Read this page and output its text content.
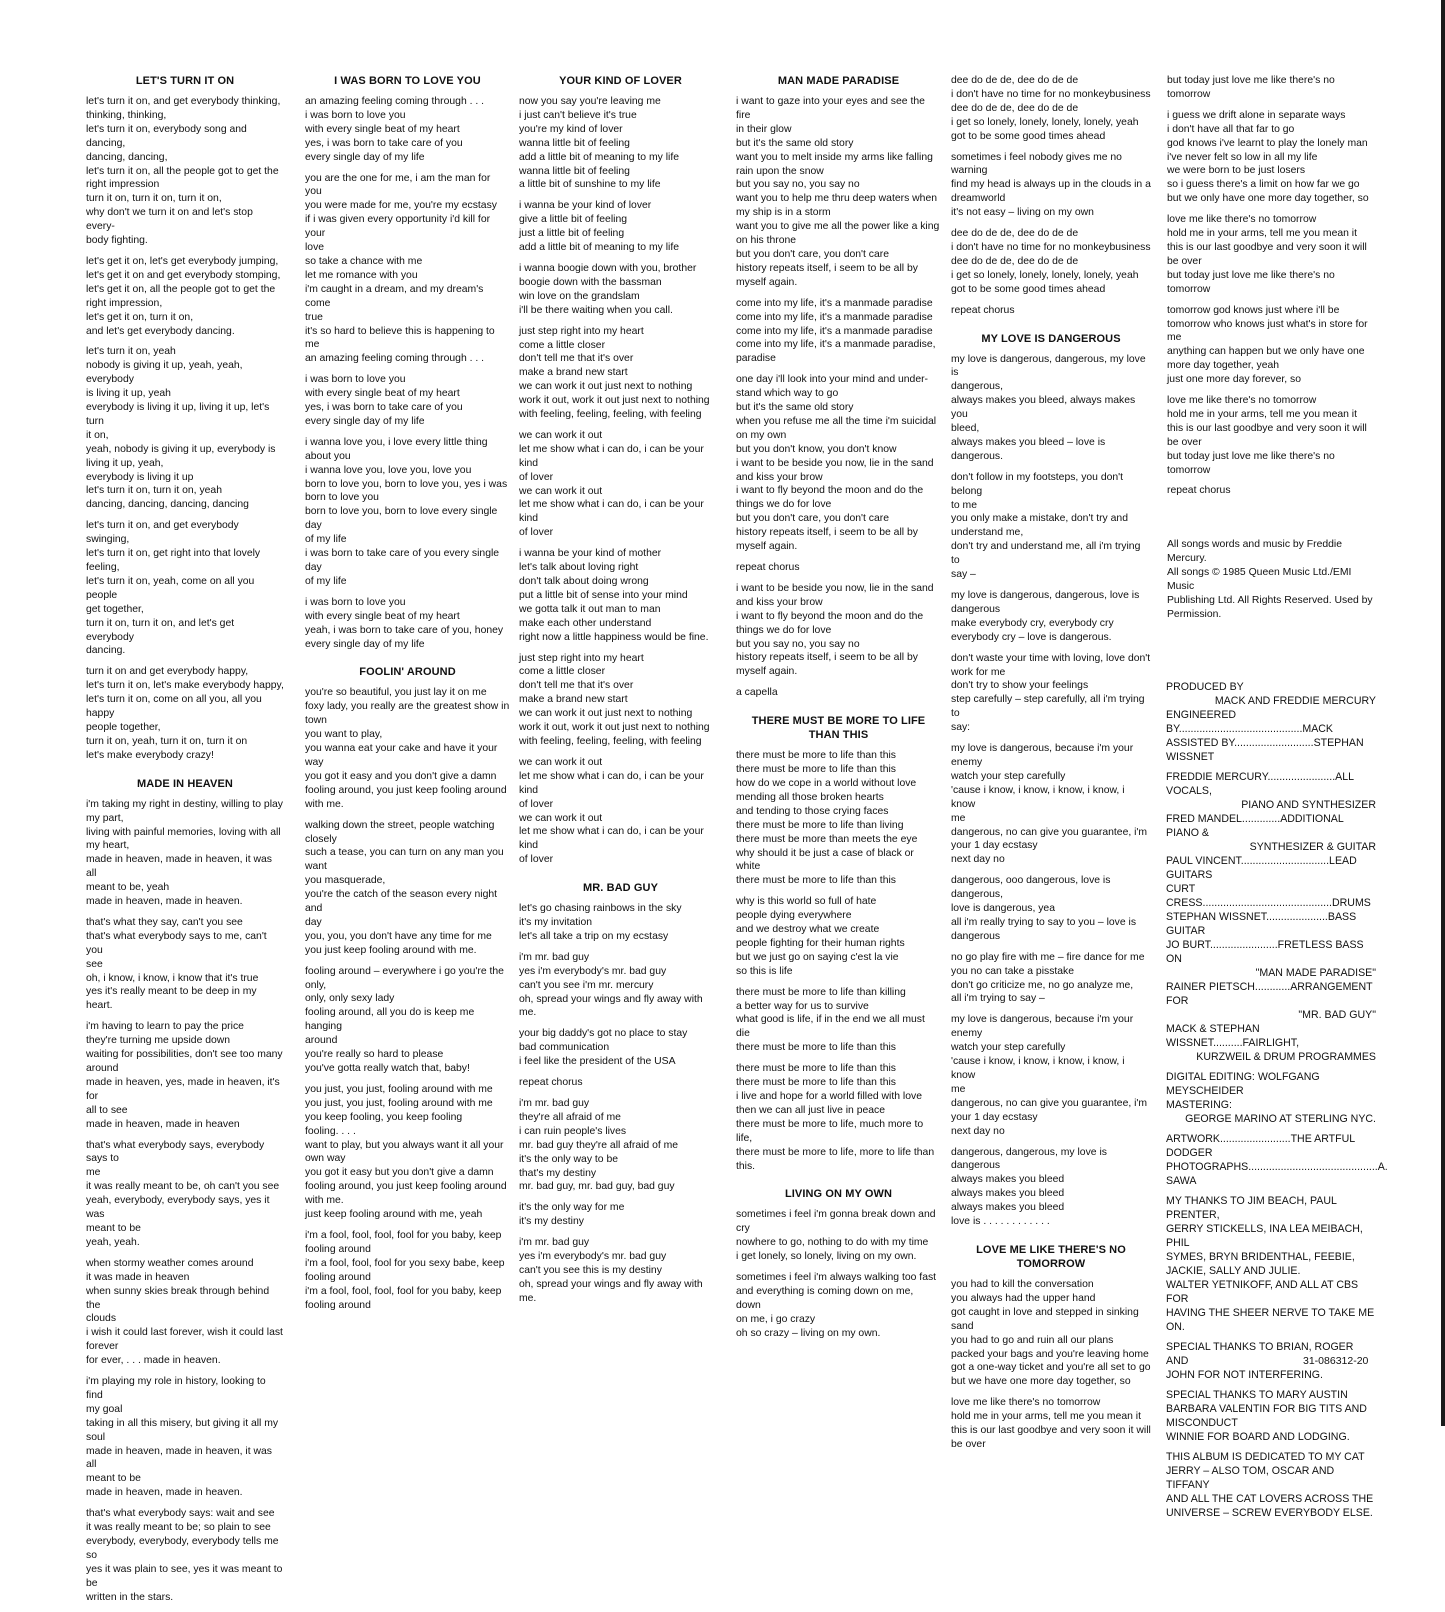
LET'S TURN IT ON
let's turn it on, and get everybody thinking,
thinking, thinking,
let's turn it on, everybody song and dancing,
dancing, dancing,
let's turn it on, all the people got to get the
right impression
turn it on, turn it on, turn it on,
why don't we turn it on and let's stop every-
body fighting.
let's get it on, let's get everybody jumping,
let's get it on and get everybody stomping,
let's get it on, all the people got to get the
right impression,
let's get it on, turn it on,
and let's get everybody dancing.
let's turn it on, yeah
nobody is giving it up, yeah, yeah, everybody
is living it up, yeah
everybody is living it up, living it up, let's turn
it on,
yeah, nobody is giving it up, everybody is
living it up, yeah,
everybody is living it up
let's turn it on, turn it on, yeah
dancing, dancing, dancing, dancing
let's turn it on, and get everybody swinging,
let's turn it on, get right into that lovely
feeling,
let's turn it on, yeah, come on all you people
get together,
turn it on, turn it on, and let's get everybody
dancing.
turn it on and get everybody happy,
let's turn it on, let's make everybody happy,
let's turn it on, come on all you, all you happy
people together,
turn it on, yeah, turn it on, turn it on
let's make everybody crazy!
MADE IN HEAVEN
i'm taking my right in destiny, willing to play
my part,
living with painful memories, loving with all
my heart,
made in heaven, made in heaven, it was all
meant to be, yeah
made in heaven, made in heaven.
that's what they say, can't you see
that's what everybody says to me, can't you
see
oh, i know, i know, i know that it's true
yes it's really meant to be deep in my heart.
i'm having to learn to pay the price
they're turning me upside down
waiting for possibilities, don't see too many
around
made in heaven, yes, made in heaven, it's for
all to see
made in heaven, made in heaven
that's what everybody says, everybody says to
me
it was really meant to be, oh can't you see
yeah, everybody, everybody says, yes it was
meant to be
yeah, yeah.
when stormy weather comes around
it was made in heaven
when sunny skies break through behind the
clouds
i wish it could last forever, wish it could last
forever
for ever, . . . made in heaven.
i'm playing my role in history, looking to find
my goal
taking in all this misery, but giving it all my
soul
made in heaven, made in heaven, it was all
meant to be
made in heaven, made in heaven.
that's what everybody says: wait and see
it was really meant to be; so plain to see
everybody, everybody, everybody tells me so
yes it was plain to see, yes it was meant to be
written in the stars.
I WAS BORN TO LOVE YOU
an amazing feeling coming through . . .
i was born to love you
with every single beat of my heart
yes, i was born to take care of you
every single day of my life
you are the one for me, i am the man for you
you were made for me, you're my ecstasy
if i was given every opportunity i'd kill for your
love
so take a chance with me
let me romance with you
i'm caught in a dream, and my dream's come
true
it's so hard to believe this is happening to me
an amazing feeling coming through . . .
i was born to love you
with every single beat of my heart
yes, i was born to take care of you
every single day of my life
i wanna love you, i love every little thing
about you
i wanna love you, love you, love you
born to love you, born to love you, yes i was
born to love you
born to love you, born to love every single day
of my life
i was born to take care of you every single day
of my life
i was born to love you
with every single beat of my heart
yeah, i was born to take care of you, honey
every single day of my life
FOOLIN' AROUND
you're so beautiful, you just lay it on me
foxy lady, you really are the greatest show in
town
you want to play,
you wanna eat your cake and have it your way
you got it easy and you don't give a damn
fooling around, you just keep fooling around
with me.
walking down the street, people watching
closely
such a tease, you can turn on any man you
want
you masquerade,
you're the catch of the season every night and
day
you, you, you don't have any time for me
you just keep fooling around with me.
fooling around – everywhere i go you're the
only,
only, only sexy lady
fooling around, all you do is keep me hanging
around
you're really so hard to please
you've gotta really watch that, baby!
you just, you just, fooling around with me
you just, you just, fooling around with me
you keep fooling, you keep fooling
fooling. . . .
want to play, but you always want it all your
own way
you got it easy but you don't give a damn
fooling around, you just keep fooling around
with me.
just keep fooling around with me, yeah
i'm a fool, fool, fool, fool for you baby, keep
fooling around
i'm a fool, fool, fool for you sexy babe, keep
fooling around
i'm a fool, fool, fool, fool for you baby, keep
fooling around
YOUR KIND OF LOVER
now you say you're leaving me
i just can't believe it's true
you're my kind of lover
wanna little bit of feeling
add a little bit of meaning to my life
wanna little bit of feeling
a little bit of sunshine to my life
i wanna be your kind of lover
give a little bit of feeling
just a little bit of feeling
add a little bit of meaning to my life
i wanna boogie down with you, brother
boogie down with the bassman
win love on the grandslam
i'll be there waiting when you call.
just step right into my heart
come a little closer
don't tell me that it's over
make a brand new start
we can work it out just next to nothing
work it out, work it out just next to nothing
with feeling, feeling, feeling, with feeling
we can work it out
let me show what i can do, i can be your kind
of lover
we can work it out
let me show what i can do, i can be your kind
of lover
i wanna be your kind of mother
let's talk about loving right
don't talk about doing wrong
put a little bit of sense into your mind
we gotta talk it out man to man
make each other understand
right now a little happiness would be fine.
just step right into my heart
come a little closer
don't tell me that it's over
make a brand new start
we can work it out just next to nothing
work it out, work it out just next to nothing
with feeling, feeling, feeling, with feeling
we can work it out
let me show what i can do, i can be your kind
of lover
we can work it out
let me show what i can do, i can be your kind
of lover
MR. BAD GUY
let's go chasing rainbows in the sky
it's my invitation
let's all take a trip on my ecstasy
i'm mr. bad guy
yes i'm everybody's mr. bad guy
can't you see i'm mr. mercury
oh, spread your wings and fly away with me.
your big daddy's got no place to stay
bad communication
i feel like the president of the USA
repeat chorus
i'm mr. bad guy
they're all afraid of me
i can ruin people's lives
mr. bad guy they're all afraid of me
it's the only way to be
that's my destiny
mr. bad guy, mr. bad guy, bad guy
it's the only way for me
it's my destiny
i'm mr. bad guy
yes i'm everybody's mr. bad guy
can't you see this is my destiny
oh, spread your wings and fly away with me.
MAN MADE PARADISE
i want to gaze into your eyes and see the fire
in their glow
but it's the same old story
want you to melt inside my arms like falling
rain upon the snow
but you say no, you say no
want you to help me thru deep waters when
my ship is in a storm
want you to give me all the power like a king
on his throne
but you don't care, you don't care
history repeats itself, i seem to be all by
myself again.
come into my life, it's a manmade paradise
come into my life, it's a manmade paradise
come into my life, it's a manmade paradise
come into my life, it's a manmade paradise,
paradise
one day i'll look into your mind and under-
stand which way to go
but it's the same old story
when you refuse me all the time i'm suicidal
on my own
but you don't know, you don't know
i want to be beside you now, lie in the sand
and kiss your brow
i want to fly beyond the moon and do the
things we do for love
but you don't care, you don't care
history repeats itself, i seem to be all by
myself again.
repeat chorus
i want to be beside you now, lie in the sand
and kiss your brow
i want to fly beyond the moon and do the
things we do for love
but you say no, you say no
history repeats itself, i seem to be all by
myself again.
a capella
THERE MUST BE MORE TO LIFE THAN THIS
there must be more to life than this
there must be more to life than this
how do we cope in a world without love
mending all those broken hearts
and tending to those crying faces
there must be more to life than living
there must be more than meets the eye
why should it be just a case of black or white
there must be more to life than this
why is this world so full of hate
people dying everywhere
and we destroy what we create
people fighting for their human rights
but we just go on saying c'est la vie
so this is life
there must be more to life than killing
a better way for us to survive
what good is life, if in the end we all must die
there must be more to life than this
there must be more to life than this
there must be more to life than this
i live and hope for a world filled with love
then we can all just live in peace
there must be more to life, much more to life,
there must be more to life, more to life than
this.
LIVING ON MY OWN
sometimes i feel i'm gonna break down and
cry
nowhere to go, nothing to do with my time
i get lonely, so lonely, living on my own.
sometimes i feel i'm always walking too fast
and everything is coming down on me, down
on me, i go crazy
oh so crazy – living on my own.
dee do de de, dee do de de
i don't have no time for no monkeybusiness
dee do de de, dee do de de
i get so lonely, lonely, lonely, lonely, yeah
got to be some good times ahead
sometimes i feel nobody gives me no warning
find my head is always up in the clouds in a
dreamworld
it's not easy – living on my own
dee do de de, dee do de de
i don't have no time for no monkeybusiness
dee do de de, dee do de de
i get so lonely, lonely, lonely, lonely, yeah
got to be some good times ahead
repeat chorus
MY LOVE IS DANGEROUS
my love is dangerous, dangerous, my love is
dangerous,
always makes you bleed, always makes you
bleed,
always makes you bleed – love is dangerous.
don't follow in my footsteps, you don't belong
to me
you only make a mistake, don't try and
understand me,
don't try and understand me, all i'm trying to
say –
my love is dangerous, dangerous, love is
dangerous
make everybody cry, everybody cry
everybody cry – love is dangerous.
don't waste your time with loving, love don't
work for me
don't try to show your feelings
step carefully – step carefully, all i'm trying to
say:
my love is dangerous, because i'm your
enemy
watch your step carefully
'cause i know, i know, i know, i know, i know
me
dangerous, no can give you guarantee, i'm
your 1 day ecstasy
next day no
dangerous, ooo dangerous, love is dangerous,
love is dangerous, yea
all i'm really trying to say to you – love is
dangerous
no go play fire with me – fire dance for me
you no can take a pisstake
don't go criticize me, no go analyze me,
all i'm trying to say –
my love is dangerous, because i'm your
enemy
watch your step carefully
'cause i know, i know, i know, i know, i know
me
dangerous, no can give you guarantee, i'm
your 1 day ecstasy
next day no
dangerous, dangerous, my love is dangerous
always makes you bleed
always makes you bleed
always makes you bleed
love is . . . . . . . . . . . .
LOVE ME LIKE THERE'S NO TOMORROW
you had to kill the conversation
you always had the upper hand
got caught in love and stepped in sinking
sand
you had to go and ruin all our plans
packed your bags and you're leaving home
got a one-way ticket and you're all set to go
but we have one more day together, so
love me like there's no tomorrow
hold me in your arms, tell me you mean it
this is our last goodbye and very soon it will
be over
but today just love me like there's no
tomorrow
i guess we drift alone in separate ways
i don't have all that far to go
god knows i've learnt to play the lonely man
i've never felt so low in all my life
we were born to be just losers
so i guess there's a limit on how far we go
but we only have one more day together, so
love me like there's no tomorrow
hold me in your arms, tell me you mean it
this is our last goodbye and very soon it will
be over
but today just love me like there's no
tomorrow
tomorrow god knows just where i'll be
tomorrow who knows just what's in store for
me
anything can happen but we only have one
more day together, yeah
just one more day forever, so
love me like there's no tomorrow
hold me in your arms, tell me you mean it
this is our last goodbye and very soon it will
be over
but today just love me like there's no
tomorrow
repeat chorus
All songs words and music by Freddie Mercury.
All songs © 1985 Queen Music Ltd./EMI Music
Publishing Ltd. All Rights Reserved. Used by
Permission.
PRODUCED BY
MACK AND FREDDIE MERCURY
ENGINEERED BY..........................................MACK
ASSISTED BY...........................STEPHAN WISSNET
FREDDIE MERCURY.......................ALL VOCALS,
PIANO AND SYNTHESIZER
FRED MANDEL.............ADDITIONAL PIANO &
SYNTHESIZER & GUITAR
PAUL VINCENT..............................LEAD GUITARS
CURT CRESS............................................DRUMS
STEPHAN WISSNET.....................BASS GUITAR
JO BURT.......................FRETLESS BASS ON
"MAN MADE PARADISE"
RAINER PIETSCH............ARRANGEMENT FOR
"MR. BAD GUY"
MACK & STEPHAN WISSNET..........FAIRLIGHT,
KURZWEIL & DRUM PROGRAMMES
DIGITAL EDITING: WOLFGANG MEYSCHEIDER
MASTERING:
GEORGE MARINO AT STERLING NYC.
ARTWORK........................THE ARTFUL DODGER
PHOTOGRAPHS............................................A. SAWA
MY THANKS TO JIM BEACH, PAUL PRENTER,
GERRY STICKELLS, INA LEA MEIBACH, PHIL
SYMES, BRYN BRIDENTHAL, FEEBIE,
JACKIE, SALLY AND JULIE.
WALTER YETNIKOFF, AND ALL AT CBS FOR
HAVING THE SHEER NERVE TO TAKE ME
ON.
SPECIAL THANKS TO BRIAN, ROGER AND
JOHN FOR NOT INTERFERING.
SPECIAL THANKS TO MARY AUSTIN
BARBARA VALENTIN FOR BIG TITS AND
MISCONDUCT
WINNIE FOR BOARD AND LODGING.
THIS ALBUM IS DEDICATED TO MY CAT
JERRY – ALSO TOM, OSCAR AND TIFFANY
AND ALL THE CAT LOVERS ACROSS THE
UNIVERSE – SCREW EVERYBODY ELSE.
31-086312-20
